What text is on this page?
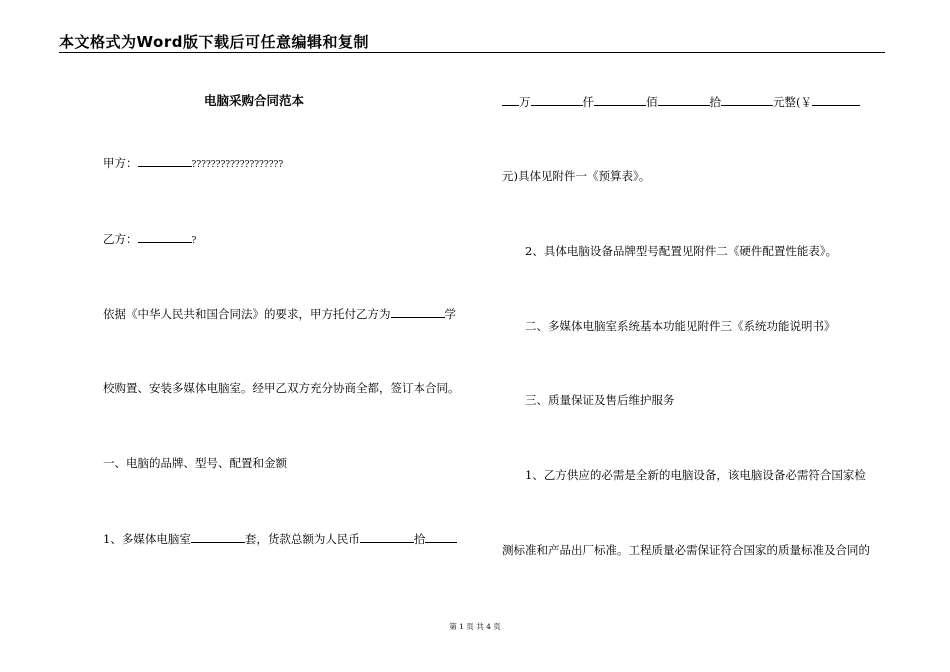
本文格式为Word版下载后可任意编辑和复制
电脑采购合同范本
甲方：	???????????????????
乙方：	?
依据《中华人民共和国合同法》的要求，甲方托付乙方为	学
校购置、安装多媒体电脑室。经甲乙双方充分协商全都，签订本合同。
一、电脑的品牌、型号、配置和金额
1、多媒体电脑室	套，货款总额为人民币	拾
万	仟	佰	拾	元整(￥
元)具体见附件一《预算表》。
2、具体电脑设备品牌型号配置见附件二《硬件配置性能表》。
二、多媒体电脑室系统基本功能见附件三《系统功能说明书》
三、质量保证及售后维护服务
1、乙方供应的必需是全新的电脑设备，该电脑设备必需符合国家检
测标准和产品出厂标准。工程质量必需保证符合国家的质量标准及合同的
第 1 页 共 4 页
